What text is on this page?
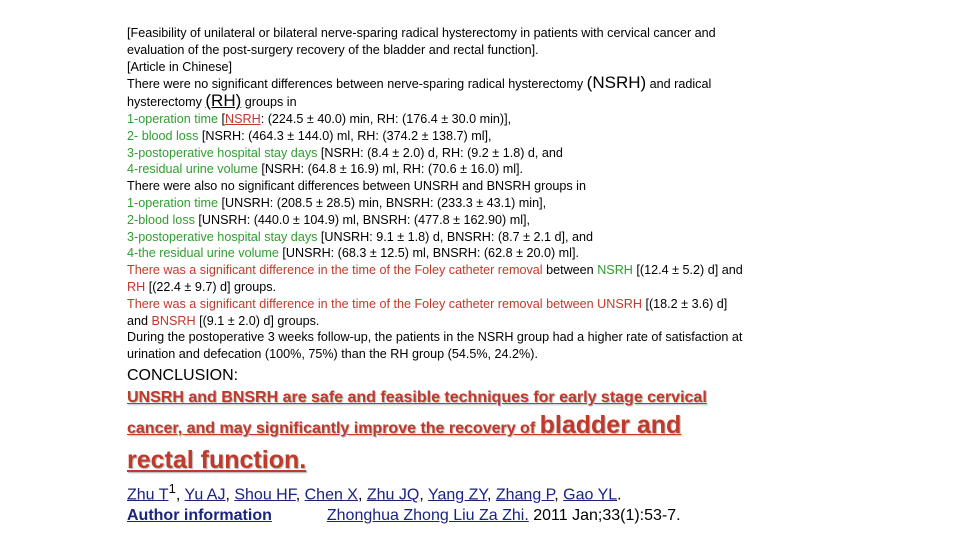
[Feasibility of unilateral or bilateral nerve-sparing radical hysterectomy in patients with cervical cancer and
evaluation of the post-surgery recovery of the bladder and rectal function].
[Article in Chinese]
There were no significant differences between nerve-sparing radical hysterectomy (NSRH) and radical
hysterectomy (RH) groups in
1-operation time [NSRH: (224.5 ± 40.0) min, RH: (176.4 ± 30.0 min)],
2- blood loss [NSRH: (464.3 ± 144.0) ml, RH: (374.2 ± 138.7) ml],
3-postoperative hospital stay days [NSRH: (8.4 ± 2.0) d, RH: (9.2 ± 1.8) d, and
4-residual urine volume [NSRH: (64.8 ± 16.9) ml, RH: (70.6 ± 16.0) ml].
There were also no significant differences between UNSRH and BNSRH groups in
1-operation time [UNSRH: (208.5 ± 28.5) min, BNSRH: (233.3 ± 43.1) min],
2-blood loss [UNSRH: (440.0 ± 104.9) ml, BNSRH: (477.8 ± 162.90) ml],
3-postoperative hospital stay days [UNSRH: 9.1 ± 1.8) d, BNSRH: (8.7 ± 2.1 d], and
4-the residual urine volume [UNSRH: (68.3 ± 12.5) ml, BNSRH: (62.8 ± 20.0) ml].
There was a significant difference in the time of the Foley catheter removal between NSRH [(12.4 ± 5.2) d] and
RH [(22.4 ± 9.7) d] groups.
There was a significant difference in the time of the Foley catheter removal between UNSRH [(18.2 ± 3.6) d]
and BNSRH [(9.1 ± 2.0) d] groups.
During the postoperative 3 weeks follow-up, the patients in the NSRH group had a higher rate of satisfaction at
urination and defecation (100%, 75%) than the RH group (54.5%, 24.2%).
CONCLUSION:
UNSRH and BNSRH are safe and feasible techniques for early stage cervical
cancer, and may significantly improve the recovery of bladder and
rectal function.
Zhu $T^1$, Yu AJ, Shou HF, Chen X, Zhu JQ, Yang ZY, Zhang P, Gao YL.
Author information	Zhonghua Zhong Liu Za Zhi. 2011 Jan;33(1):53-7.
